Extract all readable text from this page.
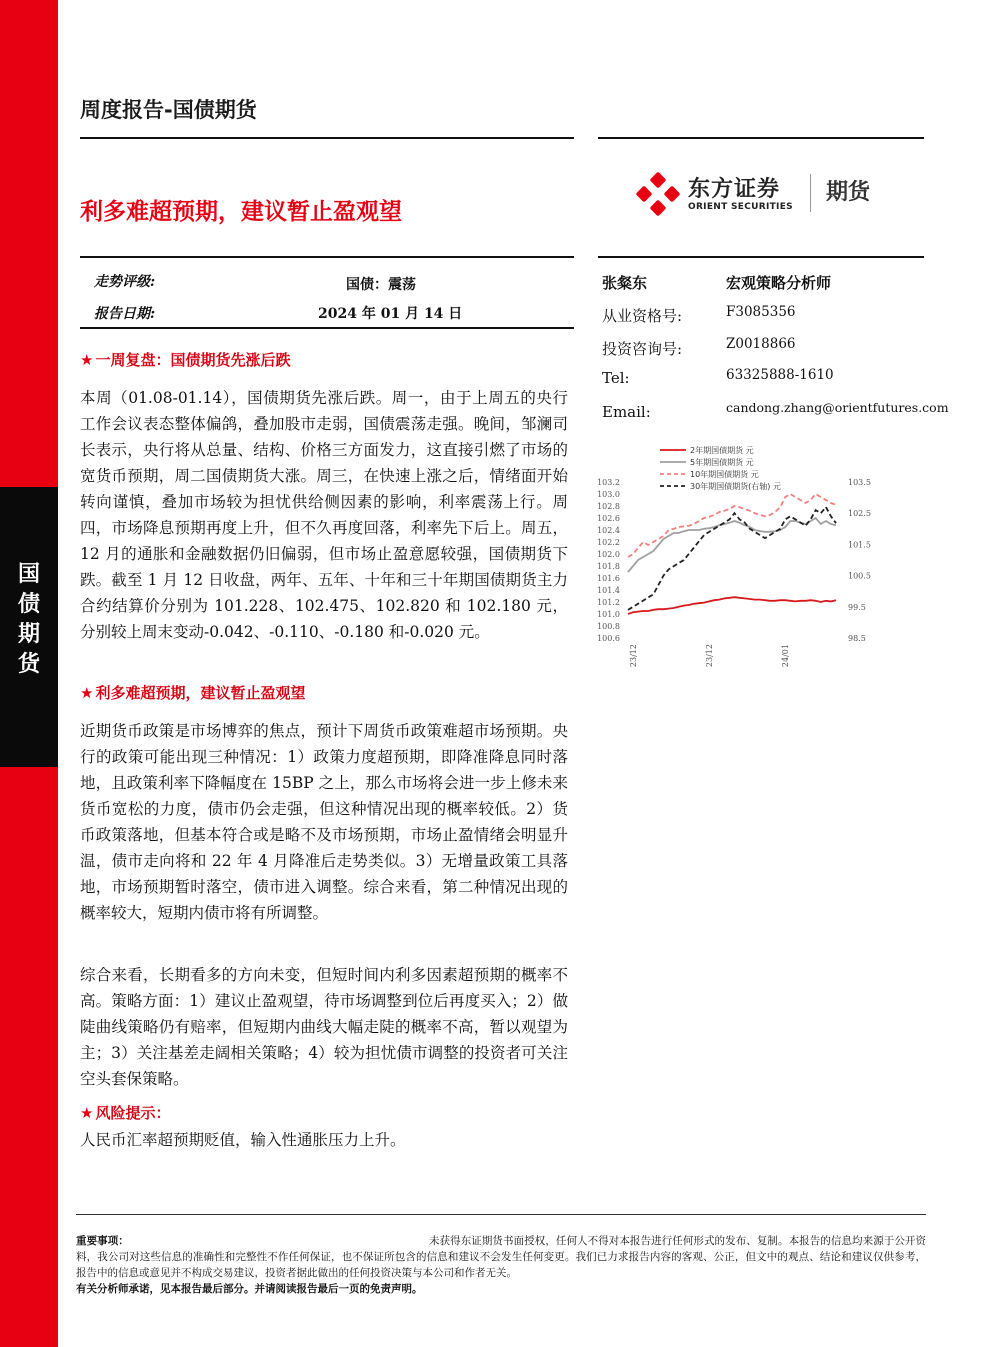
国
债
期
货
周度报告-国债期货
利多难超预期，建议暂止盈观望
东方证券
ORIENT SECURITIES
期货
走势评级:	国债：震荡
报告日期:	2024 年 01 月 14 日
张粲东	宏观策略分析师
从业资格号:	F3085356
投资咨询号:	Z0018866
Tel:	63325888-1610
Email:	candong.zhang@orientfutures.com
★ 一周复盘：国债期货先涨后跌
本周（01.08-01.14），国债期货先涨后跌。周一，由于上周五的央行工作会议表态整体偏鸽，叠加股市走弱，国债震荡走强。晚间，邹澜司长表示，央行将从总量、结构、价格三方面发力，这直接引燃了市场的宽货币预期，周二国债期货大涨。周三，在快速上涨之后，情绪面开始转向谨慎，叠加市场较为担忧供给侧因素的影响，利率震荡上行。周四，市场降息预期再度上升，但不久再度回落，利率先下后上。周五，12 月的通胀和金融数据仍旧偏弱，但市场止盈意愿较强，国债期货下跌。截至 1 月 12 日收盘，两年、五年、十年和三十年期国债期货主力合约结算价分别为 101.228、102.475、102.820 和 102.180 元，分别较上周末变动-0.042、-0.110、-0.180 和-0.020 元。
★ 利多难超预期，建议暂止盈观望
近期货币政策是市场博弈的焦点，预计下周货币政策难超市场预期。央行的政策可能出现三种情况：1）政策力度超预期，即降准降息同时落地，且政策利率下降幅度在 15BP 之上，那么市场将会进一步上修未来货币宽松的力度，债市仍会走强，但这种情况出现的概率较低。2）货币政策落地，但基本符合或是略不及市场预期，市场止盈情绪会明显升温，债市走向将和 22 年 4 月降准后走势类似。3）无增量政策工具落地，市场预期暂时落空，债市进入调整。综合来看，第二种情况出现的概率较大，短期内债市将有所调整。
综合来看，长期看多的方向未变，但短时间内利多因素超预期的概率不高。策略方面：1）建议止盈观望，待市场调整到位后再度买入；2）做陡曲线策略仍有赔率，但短期内曲线大幅走陡的概率不高，暂以观望为主；3）关注基差走阔相关策略；4）较为担忧债市调整的投资者可关注空头套保策略。
★ 风险提示：
人民币汇率超预期贬值，输入性通胀压力上升。
2年期国债期货 元
5年期国债期货 元
10年期国债期货 元
30年期国债期货(右轴) 元
103.2
103.0
102.8
102.6
102.4
102.2
102.0
101.8
101.6
101.4
101.2
101.0
100.8
100.6
103.5
102.5
101.5
100.5
99.5
98.5
23/12	23/12	24/01
重要事项：	未获得东证期货书面授权，任何人不得对本报告进行任何形式的发布、复制。本报告的信息均来源于公开资料，我公司对这些信息的准确性和完整性不作任何保证，也不保证所包含的信息和建议不会发生任何变更。我们已力求报告内容的客观、公正，但文中的观点、结论和建议仅供参考，报告中的信息或意见并不构成交易建议，投资者据此做出的任何投资决策与本公司和作者无关。
有关分析师承诺，见本报告最后部分。并请阅读报告最后一页的免责声明。
